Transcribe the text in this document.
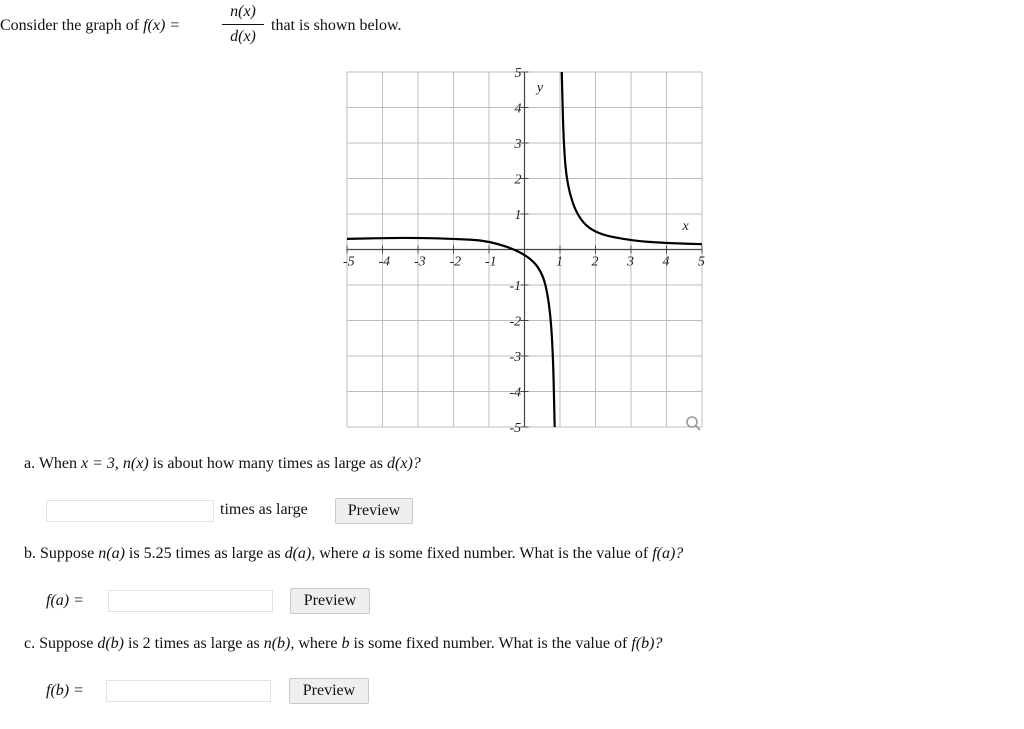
Consider the graph of f(x) =
n(x)
d(x)
that is shown below.
-5 -4 -3 -2 -1	1 2 3 4 5
5
4
3
2
1
-1
-2
-3
-4
-5
x
y
a. When x = 3, n(x) is about how many times as large as d(x)?
times as large	Preview
b. Suppose n(a) is 5.25 times as large as d(a), where a is some fixed number. What is the value of f(a)?
f(a) =	Preview
c. Suppose d(b) is 2 times as large as n(b), where b is some fixed number. What is the value of f(b)?
f(b) =	Preview
